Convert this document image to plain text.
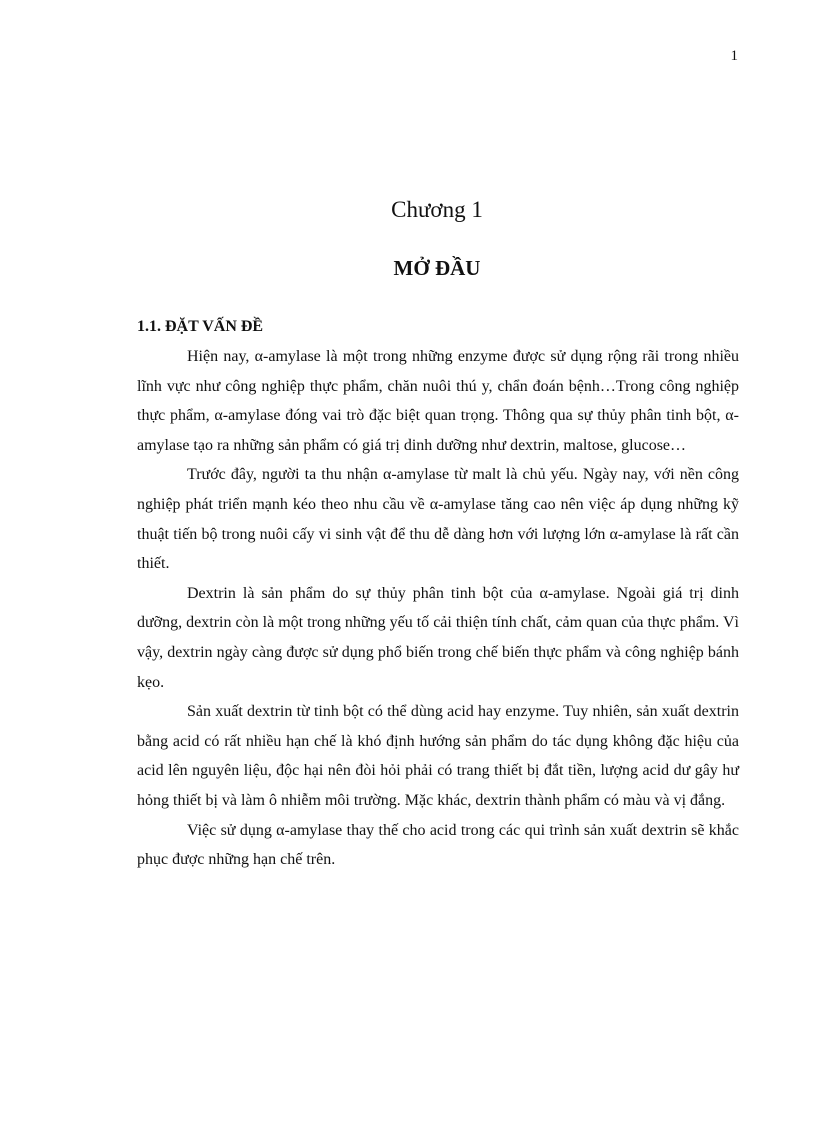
1
Chương 1
MỞ ĐẦU
1.1. ĐẶT VẤN ĐỀ

Hiện nay, α-amylase là một trong những enzyme được sử dụng rộng rãi trong nhiều lĩnh vực như công nghiệp thực phẩm, chăn nuôi thú y, chẩn đoán bệnh…Trong công nghiệp thực phẩm, α-amylase đóng vai trò đặc biệt quan trọng. Thông qua sự thủy phân tinh bột, α-amylase tạo ra những sản phẩm có giá trị dinh dưỡng như dextrin, maltose, glucose…

Trước đây, người ta thu nhận α-amylase từ malt là chủ yếu. Ngày nay, với nền công nghiệp phát triển mạnh kéo theo nhu cầu về α-amylase tăng cao nên việc áp dụng những kỹ thuật tiến bộ trong nuôi cấy vi sinh vật để thu dễ dàng hơn với lượng lớn α-amylase là rất cần thiết.

Dextrin là sản phẩm do sự thủy phân tinh bột của α-amylase. Ngoài giá trị dinh dưỡng, dextrin còn là một trong những yếu tố cải thiện tính chất, cảm quan của thực phẩm. Vì vậy, dextrin ngày càng được sử dụng phổ biến trong chế biến thực phẩm và công nghiệp bánh kẹo.

Sản xuất dextrin từ tinh bột có thể dùng acid hay enzyme. Tuy nhiên, sản xuất dextrin bằng acid có rất nhiều hạn chế là khó định hướng sản phẩm do tác dụng không đặc hiệu của acid lên nguyên liệu, độc hại nên đòi hỏi phải có trang thiết bị đắt tiền, lượng acid dư gây hư hỏng thiết bị và làm ô nhiễm môi trường. Mặc khác, dextrin thành phẩm có màu và vị đắng.

Việc sử dụng α-amylase thay thế cho acid trong các qui trình sản xuất dextrin sẽ khắc phục được những hạn chế trên.
